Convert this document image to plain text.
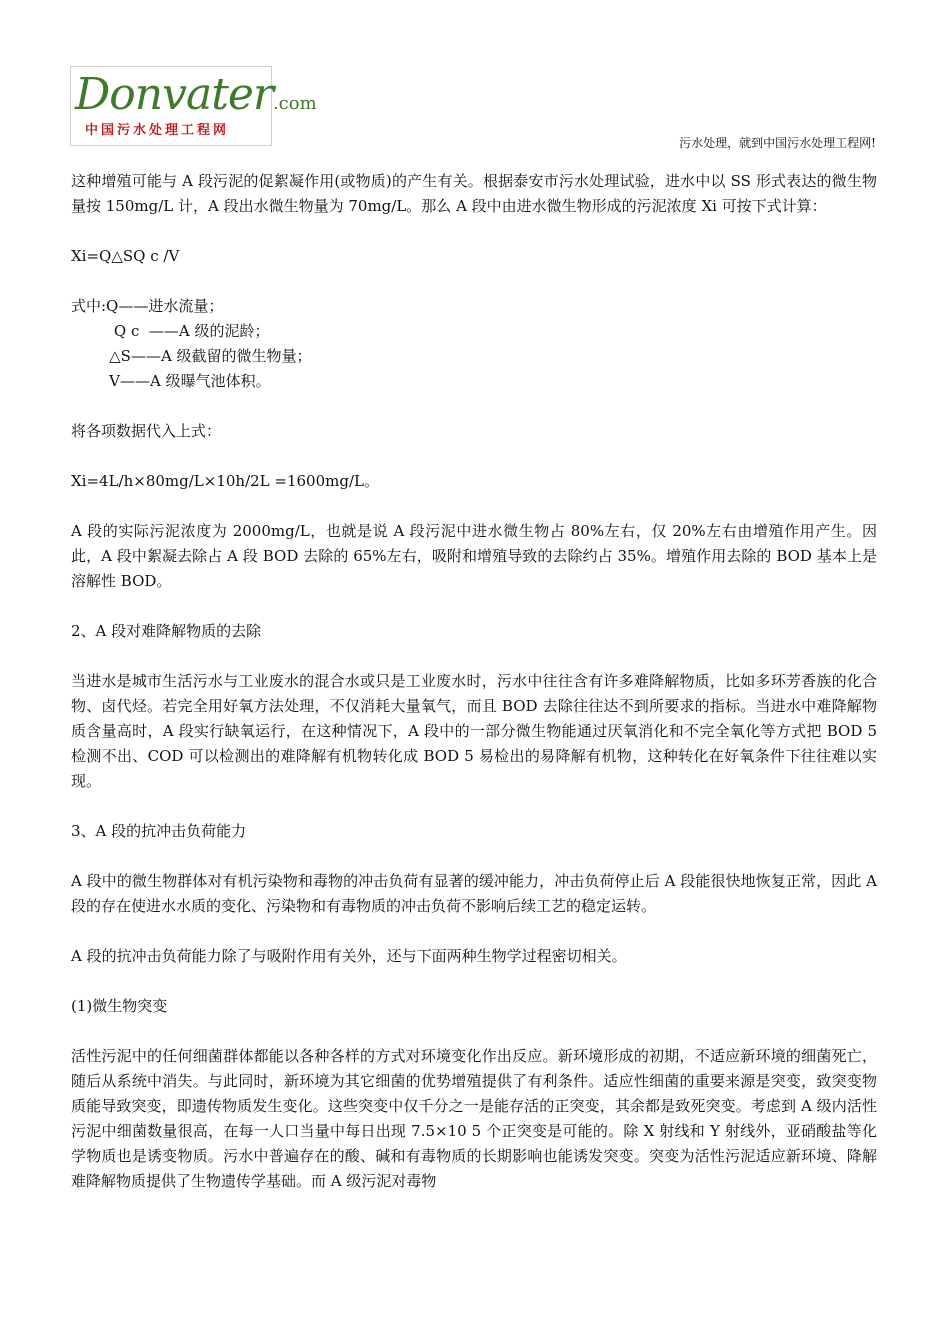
Donvater.com
中国污水处理工程网
污水处理，就到中国污水处理工程网!

这种增殖可能与 A 段污泥的促絮凝作用(或物质)的产生有关。根据泰安市污水处理试验，进水中以 SS 形式表达的微生物量按 150mg/L 计，A 段出水微生物量为 70mg/L。那么 A 段中由进水微生物形成的污泥浓度 Xi 可按下式计算：

Xi=Q△SQ c /V

式中:Q——进水流量；

Q c  ——A 级的泥龄；

△S——A 级截留的微生物量；

V——A 级曝气池体积。

将各项数据代入上式：

Xi=4L/h×80mg/L×10h/2L =1600mg/L。

A 段的实际污泥浓度为 2000mg/L，也就是说 A 段污泥中进水微生物占 80%左右，仅 20%左右由增殖作用产生。因此，A 段中絮凝去除占 A 段 BOD 去除的 65%左右，吸附和增殖导致的去除约占 35%。增殖作用去除的 BOD 基本上是溶解性 BOD。

2、A 段对难降解物质的去除

当进水是城市生活污水与工业废水的混合水或只是工业废水时，污水中往往含有许多难降解物质，比如多环芳香族的化合物、卤代烃。若完全用好氧方法处理，不仅消耗大量氧气，而且 BOD 去除往往达不到所要求的指标。当进水中难降解物质含量高时，A 段实行缺氧运行，在这种情况下，A 段中的一部分微生物能通过厌氧消化和不完全氧化等方式把 BOD 5 检测不出、COD 可以检测出的难降解有机物转化成 BOD 5 易检出的易降解有机物，这种转化在好氧条件下往往难以实现。

3、A 段的抗冲击负荷能力

A 段中的微生物群体对有机污染物和毒物的冲击负荷有显著的缓冲能力，冲击负荷停止后 A 段能很快地恢复正常，因此 A 段的存在使进水水质的变化、污染物和有毒物质的冲击负荷不影响后续工艺的稳定运转。

A 段的抗冲击负荷能力除了与吸附作用有关外，还与下面两种生物学过程密切相关。

(1)微生物突变

活性污泥中的任何细菌群体都能以各种各样的方式对环境变化作出反应。新环境形成的初期，不适应新环境的细菌死亡，随后从系统中消失。与此同时，新环境为其它细菌的优势增殖提供了有利条件。适应性细菌的重要来源是突变，致突变物质能导致突变，即遗传物质发生变化。这些突变中仅千分之一是能存活的正突变，其余都是致死突变。考虑到 A 级内活性污泥中细菌数量很高，在每一人口当量中每日出现 7.5×10 5 个正突变是可能的。除 X 射线和 Y 射线外，亚硝酸盐等化学物质也是诱变物质。污水中普遍存在的酸、碱和有毒物质的长期影响也能诱发突变。突变为活性污泥适应新环境、降解难降解物质提供了生物遗传学基础。而 A 级污泥对毒物
